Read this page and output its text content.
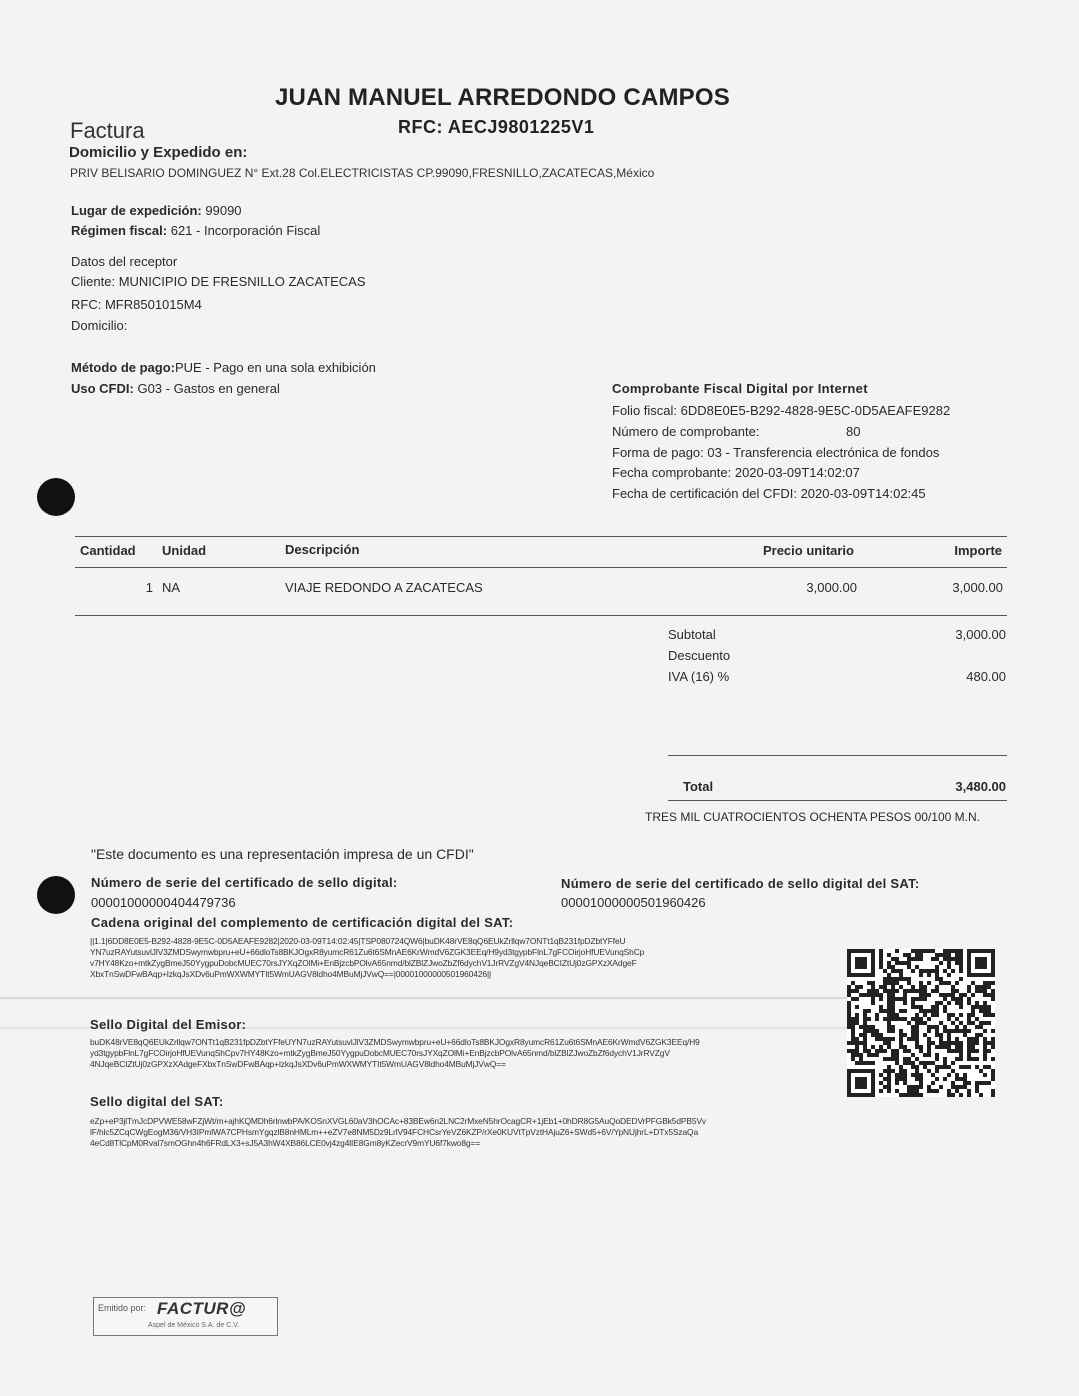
JUAN MANUEL ARREDONDO CAMPOS
Factura	RFC: AECJ9801225V1
Domicilio y Expedido en:
PRIV BELISARIO DOMINGUEZ N° Ext.28 Col.ELECTRICISTAS CP.99090,FRESNILLO,ZACATECAS,México
Lugar de expedición: 99090
Régimen fiscal: 621 - Incorporación Fiscal
Datos del receptor
Cliente: MUNICIPIO DE FRESNILLO ZACATECAS
RFC: MFR8501015M4
Domicilio:
Método de pago:PUE - Pago en una sola exhibición
Uso CFDI: G03 - Gastos en general	Comprobante Fiscal Digital por Internet
Folio fiscal: 6DD8E0E5-B292-4828-9E5C-0D5AEAFE9282
Número de comprobante:	80
Forma de pago: 03 - Transferencia electrónica de fondos
Fecha comprobante: 2020-03-09T14:02:07
Fecha de certificación del CFDI: 2020-03-09T14:02:45
Cantidad Unidad	Descripción	Precio unitario	Importe
1 NA	VIAJE REDONDO A ZACATECAS	3,000.00	3,000.00
Subtotal	3,000.00
Descuento
IVA (16) %	480.00
Total	3,480.00
TRES MIL CUATROCIENTOS OCHENTA PESOS 00/100 M.N.
"Este documento es una representación impresa de un CFDI"
Número de serie del certificado de sello digital:
00001000000404479736
Número de serie del certificado de sello digital del SAT:
00001000000501960426
Cadena original del complemento de certificación digital del SAT:
||1.1|6DD8E0E5-B292-4828-9E5C-0D5AEAFE9282|2020-03-09T14:02:45|TSP080724QW6|buDK48rVE8qQ6EUkZrllqw7ONTt1qB231fpDZbtYFfeU
YN7uzRAYutsuvlJlV3ZMDSwymwbpru+eU+66dloTs8BKJOgxR8yumcR61Zu6t6SMnAE6KrWmdV6ZGK3EEq/H9yd3tgypbFlnL7gFCOirjoHfUEVunqShCp
v7HY48Kzo+mtkZygBmeJ50YygpuDobcMUEC70rsJYXqZOlMi+EnBjzcbPOlvA65nmd/blZBlZJwoZbZf6dychV1JrRVZgV4NJqeBCIZtUj0zGPXzXAdgeF
XbxTnSwDFwBAqp+lzkqJsXDv6uPmWXWMYTIt5WmUAGV8ldho4MBuMjJVwQ==|00001000000501960426||
Sello Digital del Emisor:
buDK48rVE8qQ6EUkZrllqw7ONTt1qB231fpDZbtYFfeUYN7uzRAYutsuvlJlV3ZMDSwymwbpru+eU+66dloTs8BKJOgxR8yumcR61Zu6t6SMnAE6KrWmdV6ZGK3EEq/H9
yd3tgypbFlnL7gFCOirjoHfUEVunqShCpv7HY48Kzo+mtkZygBmeJ50YygpuDobcMUEC70rsJYXqZOlMi+EnBjzcbPOlvA65nmd/blZBlZJwoZbZf6dychV1JrRVZgV
4NJqeBCIZtUj0zGPXzXAdgeFXbxTnSwDFwBAqp+lzkqJsXDv6uPmWXWMYTIt5WmUAGV8ldho4MBuMjJVwQ==
Sello digital del SAT:
eZp+eP3jlTmJcDPVWE58wFZjWt/m+ajhKQMDh6rlnwbPA/KOSnXVGL60aV3hOCAc+83BEw6n2LNC2rMxeN5hrOcagCR+1jEb1+0hDR8G5AuQoDEDVrPFGBk5dPB5Vv
lF/hlc5ZCqCWgEogM36/VH3IPmlWA7CPHsmYgqzlB8nHMLm++eZV7e8NM5Dz9LrlV94FCHCsrYeVZ6KZP/rXe0KUVtTpVztHAjuZ6+SWd5+6V/YpNUjhrL+DTx5SzaQa
4eCd8TlCpM0Rval7smOGhn4h6FRdLX3+sJ5A3hW4XB86LCE0vj4zg4lIE8Gm8yKZecrV9mYU6f7kwo8g==
Emitido por: FACTUR@
Aspel de México S.A. de C.V.
